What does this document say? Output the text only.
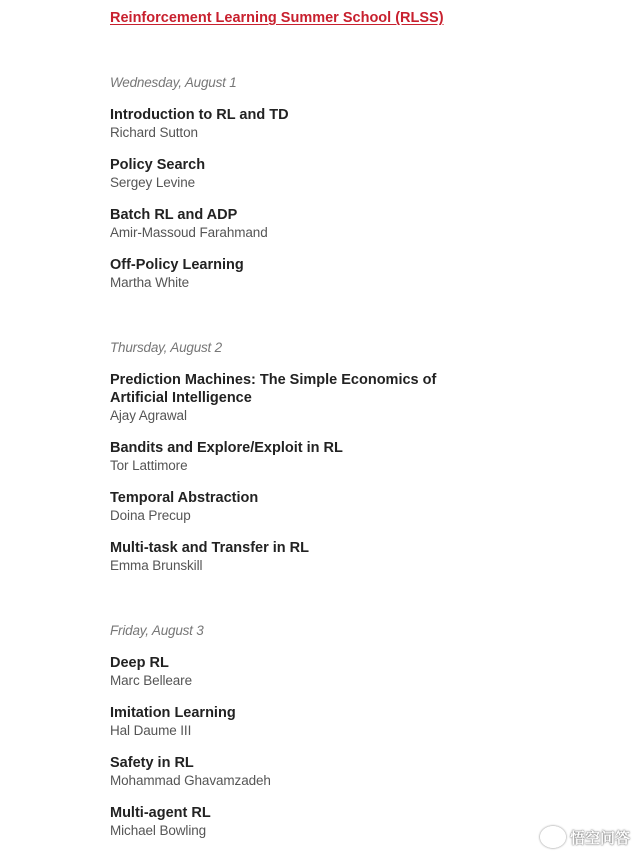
Reinforcement Learning Summer School (RLSS)

Wednesday, August 1

Introduction to RL and TD
Richard Sutton
Policy Search
Sergey Levine
Batch RL and ADP
Amir-Massoud Farahmand
Off-Policy Learning
Martha White

Thursday, August 2

Prediction Machines: The Simple Economics of Artificial Intelligence
Ajay Agrawal
Bandits and Explore/Exploit in RL
Tor Lattimore
Temporal Abstraction
Doina Precup
Multi-task and Transfer in RL
Emma Brunskill

Friday, August 3

Deep RL
Marc Belleare
Imitation Learning
Hal Daume III
Safety in RL
Mohammad Ghavamzadeh
Multi-agent RL
Michael Bowling	悟空问答
